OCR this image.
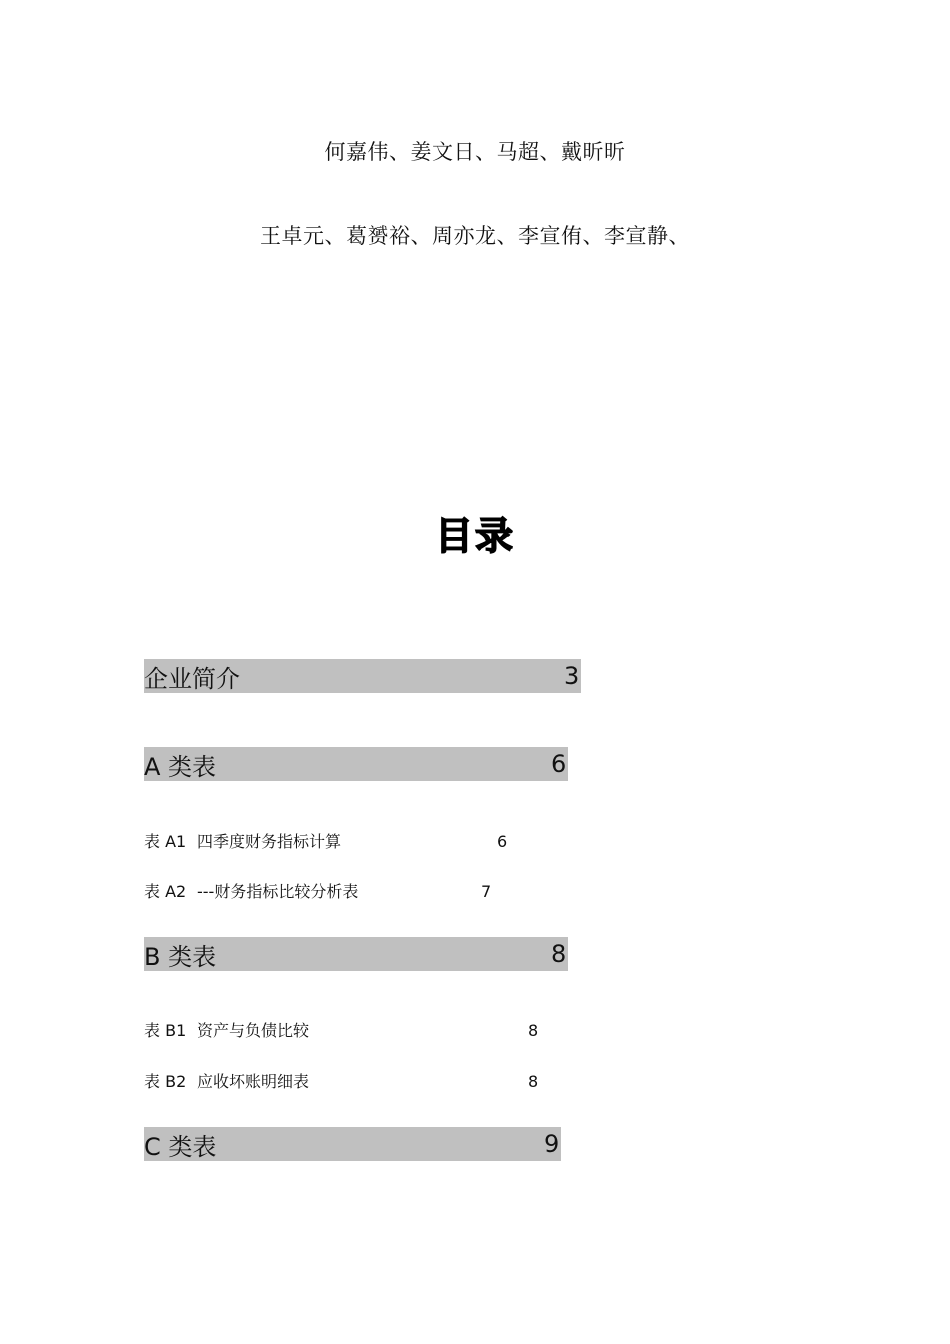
何嘉伟、姜文日、马超、戴昕昕
王卓元、葛赟裕、周亦龙、李宣侑、李宣静、
目录
企业简介	3
A 类表	6
表 A1 四季度财务指标计算	6
表 A2 ---财务指标比较分析表	7
B 类表	8
表 B1 资产与负债比较	8
表 B2 应收坏账明细表	8
C 类表	9
